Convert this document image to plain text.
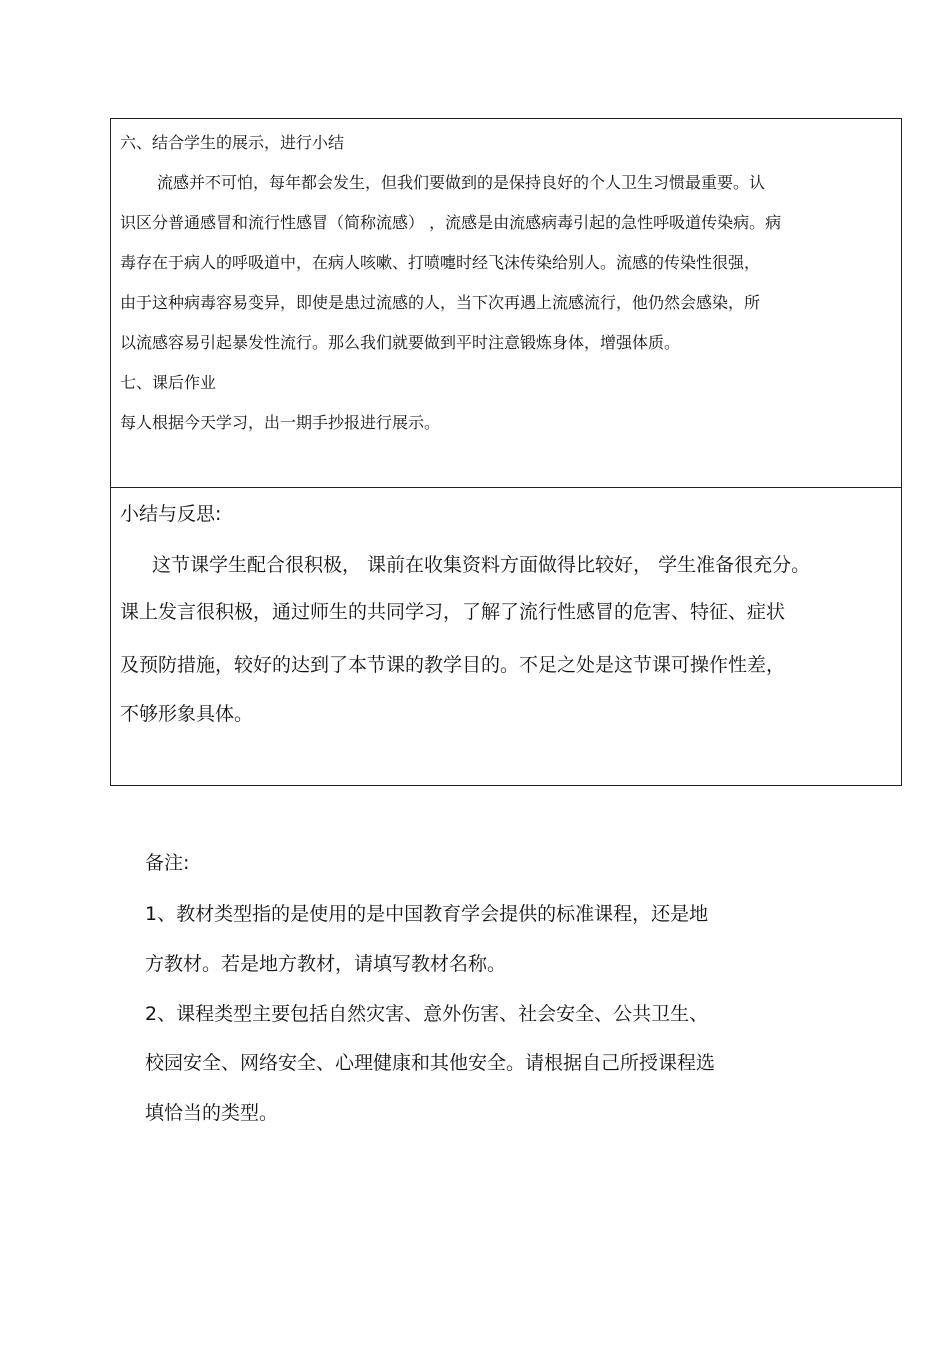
六、结合学生的展示，进行小结
流感并不可怕，每年都会发生，但我们要做到的是保持良好的个人卫生习惯最重要。认
识区分普通感冒和流行性感冒（简称流感） ，流感是由流感病毒引起的急性呼吸道传染病。病
毒存在于病人的呼吸道中，在病人咳嗽、打喷嚏时经飞沫传染给别人。流感的传染性很强，
由于这种病毒容易变异，即使是患过流感的人，当下次再遇上流感流行，他仍然会感染，所
以流感容易引起暴发性流行。那么我们就要做到平时注意锻炼身体，增强体质。
七、课后作业
每人根据今天学习，出一期手抄报进行展示。
小结与反思:
这节课学生配合很积极， 课前在收集资料方面做得比较好， 学生准备很充分。
课上发言很积极，通过师生的共同学习，了解了流行性感冒的危害、特征、症状
及预防措施，较好的达到了本节课的教学目的。不足之处是这节课可操作性差，
不够形象具体。
备注:
1、教材类型指的是使用的是中国教育学会提供的标准课程，还是地
方教材。若是地方教材，请填写教材名称。
2、课程类型主要包括自然灾害、意外伤害、社会安全、公共卫生、
校园安全、网络安全、心理健康和其他安全。请根据自己所授课程选
填恰当的类型。
